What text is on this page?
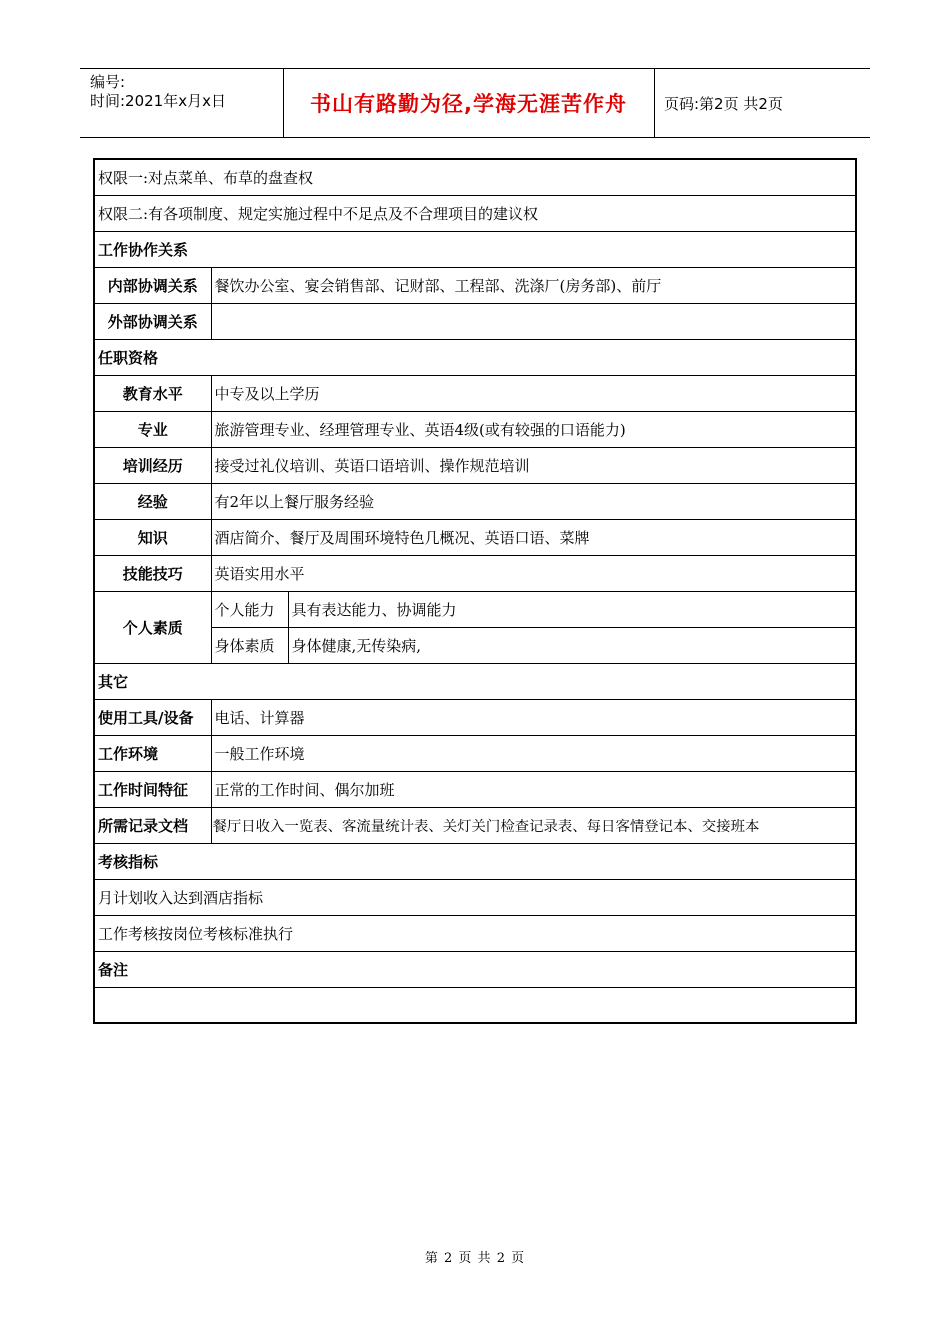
编号:
时间:2021年x月x日	书山有路勤为径,学海无涯苦作舟	页码:第2页 共2页
权限一:对点菜单、布草的盘查权		
权限二:有各项制度、规定实施过程中不足点及不合理项目的建议权		
工作协作关系		
内部协调关系	餐饮办公室、宴会销售部、记财部、工程部、洗涤厂(房务部)、前厅	
外部协调关系		
任职资格		
教育水平	中专及以上学历	
专业	旅游管理专业、经理管理专业、英语4级(或有较强的口语能力)	
培训经历	接受过礼仪培训、英语口语培训、操作规范培训	
经验	有2年以上餐厅服务经验	
知识	酒店简介、餐厅及周围环境特色几概况、英语口语、菜牌	
技能技巧	英语实用水平	
个人素质	个人能力	具有表达能力、协调能力
	身体素质	身体健康,无传染病,
其它		
使用工具/设备	电话、计算器	
工作环境	一般工作环境	
工作时间特征	正常的工作时间、偶尔加班	
所需记录文档	餐厅日收入一览表、客流量统计表、关灯关门检查记录表、每日客情登记本、交接班本	
考核指标		
月计划收入达到酒店指标		
工作考核按岗位考核标准执行		
备注		

第 2 页 共 2 页
